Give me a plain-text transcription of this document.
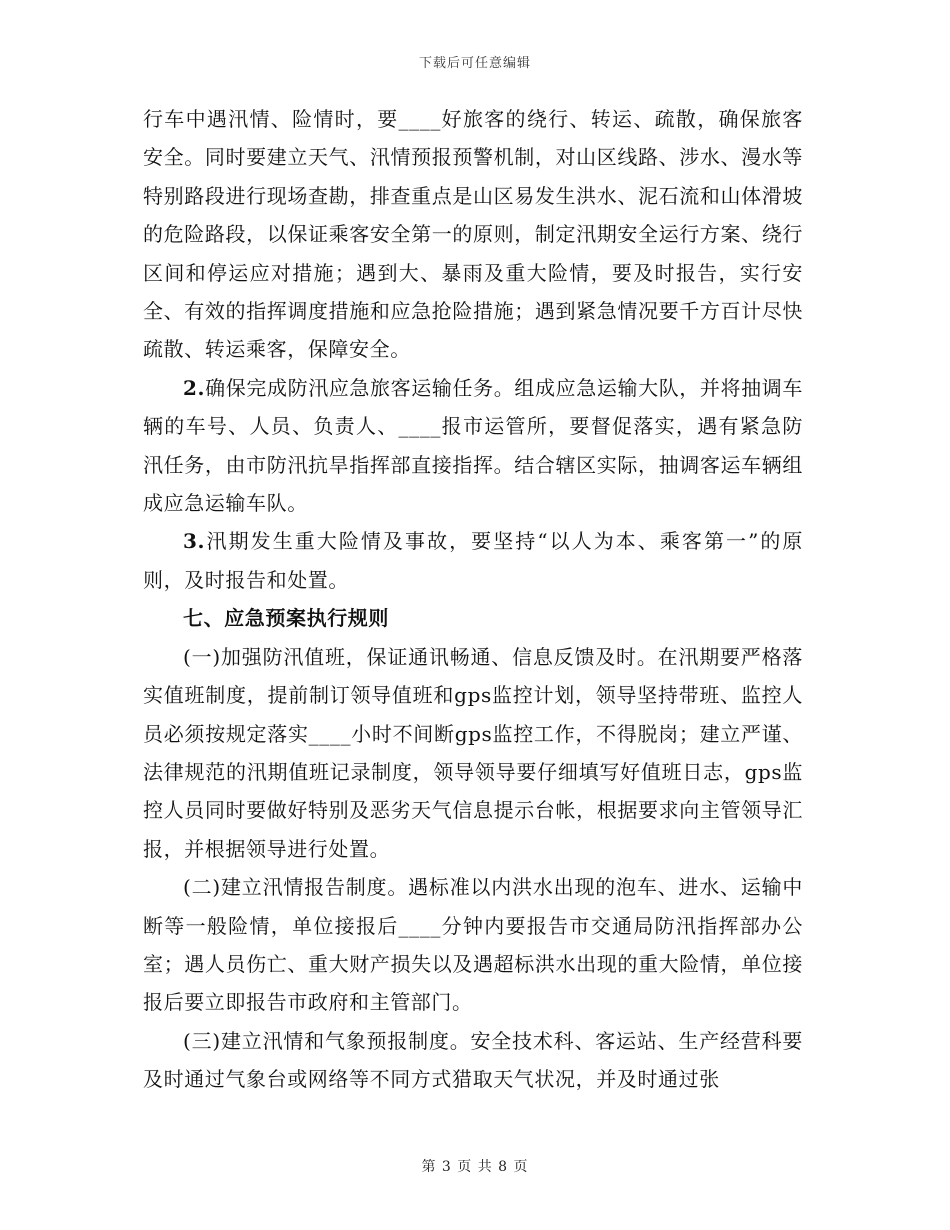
下载后可任意编辑

行车中遇汛情、险情时，要____好旅客的绕行、转运、疏散，确保旅客安全。同时要建立天气、汛情预报预警机制，对山区线路、涉水、漫水等特别路段进行现场查勘，排查重点是山区易发生洪水、泥石流和山体滑坡的危险路段，以保证乘客安全第一的原则，制定汛期安全运行方案、绕行区间和停运应对措施；遇到大、暴雨及重大险情，要及时报告，实行安全、有效的指挥调度措施和应急抢险措施；遇到紧急情况要千方百计尽快疏散、转运乘客，保障安全。

2.确保完成防汛应急旅客运输任务。组成应急运输大队，并将抽调车辆的车号、人员、负责人、____报市运管所，要督促落实，遇有紧急防汛任务，由市防汛抗旱指挥部直接指挥。结合辖区实际，抽调客运车辆组成应急运输车队。

3.汛期发生重大险情及事故，要坚持“以人为本、乘客第一”的原则，及时报告和处置。

七、应急预案执行规则

(一)加强防汛值班，保证通讯畅通、信息反馈及时。在汛期要严格落实值班制度，提前制订领导值班和gps监控计划，领导坚持带班、监控人员必须按规定落实____小时不间断gps监控工作，不得脱岗；建立严谨、法律规范的汛期值班记录制度，领导领导要仔细填写好值班日志，gps监控人员同时要做好特别及恶劣天气信息提示台帐，根据要求向主管领导汇报，并根据领导进行处置。

(二)建立汛情报告制度。遇标准以内洪水出现的泡车、进水、运输中断等一般险情，单位接报后____分钟内要报告市交通局防汛指挥部办公室；遇人员伤亡、重大财产损失以及遇超标洪水出现的重大险情，单位接报后要立即报告市政府和主管部门。

(三)建立汛情和气象预报制度。安全技术科、客运站、生产经营科要及时通过气象台或网络等不同方式猎取天气状况，并及时通过张

第 3 页 共 8 页
